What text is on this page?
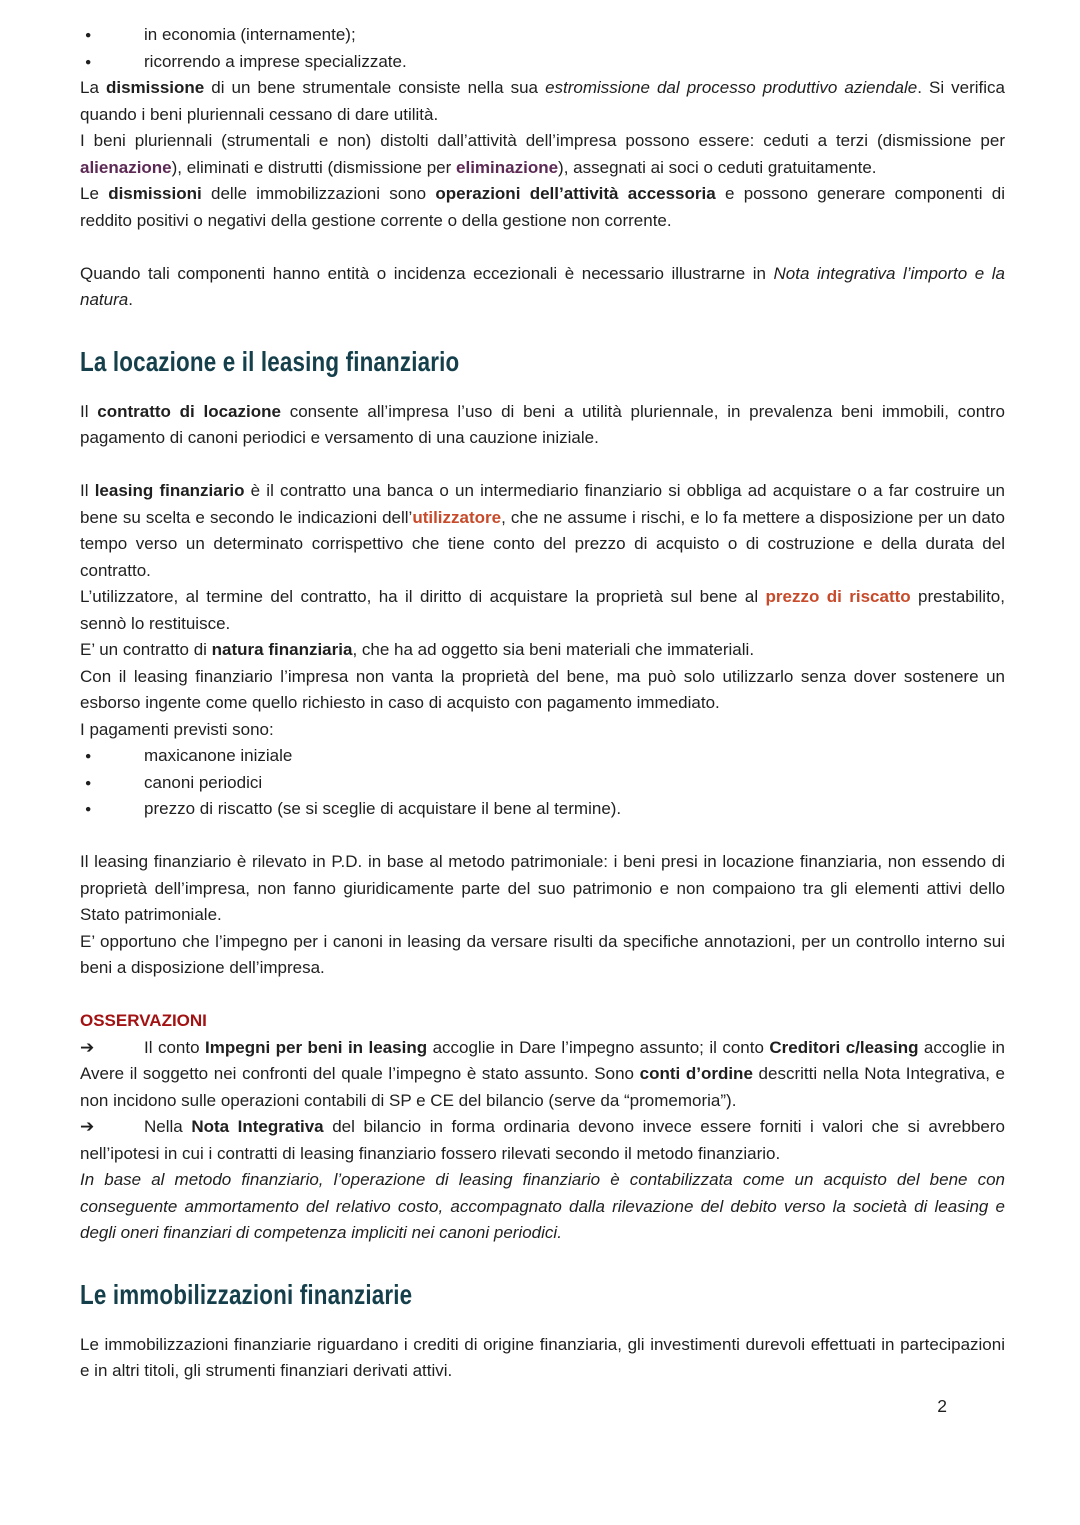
●	in economia (internamente);
●	ricorrendo a imprese specializzate.
La dismissione di un bene strumentale consiste nella sua estromissione dal processo produttivo aziendale. Si verifica quando i beni pluriennali cessano di dare utilità.
I beni pluriennali (strumentali e non) distolti dall’attività dell’impresa possono essere: ceduti a terzi (dismissione per alienazione), eliminati e distrutti (dismissione per eliminazione), assegnati ai soci o ceduti gratuitamente.
Le dismissioni delle immobilizzazioni sono operazioni dell’attività accessoria e possono generare componenti di reddito positivi o negativi della gestione corrente o della gestione non corrente.
Quando tali componenti hanno entità o incidenza eccezionali è necessario illustrarne in Nota integrativa l’importo e la natura.
La locazione e il leasing finanziario
Il contratto di locazione consente all’impresa l’uso di beni a utilità pluriennale, in prevalenza beni immobili, contro pagamento di canoni periodici e versamento di una cauzione iniziale.
Il leasing finanziario è il contratto una banca o un intermediario finanziario si obbliga ad acquistare o a far costruire un bene su scelta e secondo le indicazioni dell’utilizzatore, che ne assume i rischi, e lo fa mettere a disposizione per un dato tempo verso un determinato corrispettivo che tiene conto del prezzo di acquisto o di costruzione e della durata del contratto.
L’utilizzatore, al termine del contratto, ha il diritto di acquistare la proprietà sul bene al prezzo di riscatto prestabilito, sennò lo restituisce.
E’ un contratto di natura finanziaria, che ha ad oggetto sia beni materiali che immateriali.
Con il leasing finanziario l’impresa non vanta la proprietà del bene, ma può solo utilizzarlo senza dover sostenere un esborso ingente come quello richiesto in caso di acquisto con pagamento immediato.
I pagamenti previsti sono:
●	maxicanone iniziale
●	canoni periodici
●	prezzo di riscatto (se si sceglie di acquistare il bene al termine).
Il leasing finanziario è rilevato in P.D. in base al metodo patrimoniale: i beni presi in locazione finanziaria, non essendo di proprietà dell’impresa, non fanno giuridicamente parte del suo patrimonio e non compaiono tra gli elementi attivi dello Stato patrimoniale.
E’ opportuno che l’impegno per i canoni in leasing da versare risulti da specifiche annotazioni, per un controllo interno sui beni a disposizione dell’impresa.
OSSERVAZIONI
➔	Il conto Impegni per beni in leasing accoglie in Dare l’impegno assunto; il conto Creditori c/leasing accoglie in Avere il soggetto nei confronti del quale l’impegno è stato assunto. Sono conti d’ordine descritti nella Nota Integrativa, e non incidono sulle operazioni contabili di SP e CE del bilancio (serve da “promemoria”).
➔	Nella Nota Integrativa del bilancio in forma ordinaria devono invece essere forniti i valori che si avrebbero nell’ipotesi in cui i contratti di leasing finanziario fossero rilevati secondo il metodo finanziario.
In base al metodo finanziario, l’operazione di leasing finanziario è contabilizzata come un acquisto del bene con conseguente ammortamento del relativo costo, accompagnato dalla rilevazione del debito verso la società di leasing e degli oneri finanziari di competenza impliciti nei canoni periodici.
Le immobilizzazioni finanziarie
Le immobilizzazioni finanziarie riguardano i crediti di origine finanziaria, gli investimenti durevoli effettuati in partecipazioni e in altri titoli, gli strumenti finanziari derivati attivi.
2
